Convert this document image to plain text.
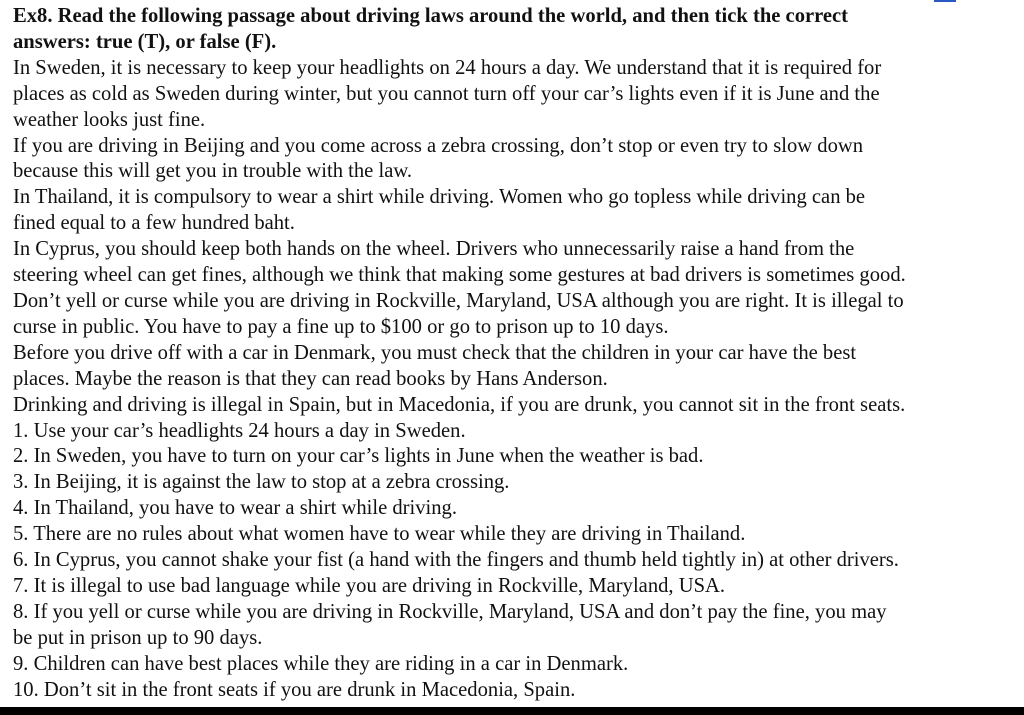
Ex8. Read the following passage about driving laws around the world, and then tick the correct

answers: true (T), or false (F).

In Sweden, it is necessary to keep your headlights on 24 hours a day. We understand that it is required for

places as cold as Sweden during winter, but you cannot turn off your car’s lights even if it is June and the

weather looks just fine.

If you are driving in Beijing and you come across a zebra crossing, don’t stop or even try to slow down

because this will get you in trouble with the law.

In Thailand, it is compulsory to wear a shirt while driving. Women who go topless while driving can be

fined equal to a few hundred baht.

In Cyprus, you should keep both hands on the wheel. Drivers who unnecessarily raise a hand from the

steering wheel can get fines, although we think that making some gestures at bad drivers is sometimes good.

Don’t yell or curse while you are driving in Rockville, Maryland, USA although you are right. It is illegal to

curse in public. You have to pay a fine up to $100 or go to prison up to 10 days.

Before you drive off with a car in Denmark, you must check that the children in your car have the best

places. Maybe the reason is that they can read books by Hans Anderson.

Drinking and driving is illegal in Spain, but in Macedonia, if you are drunk, you cannot sit in the front seats.

1. Use your car’s headlights 24 hours a day in Sweden.

2. In Sweden, you have to turn on your car’s lights in June when the weather is bad.

3. In Beijing, it is against the law to stop at a zebra crossing.

4. In Thailand, you have to wear a shirt while driving.

5. There are no rules about what women have to wear while they are driving in Thailand.

6. In Cyprus, you cannot shake your fist (a hand with the fingers and thumb held tightly in) at other drivers.

7. It is illegal to use bad language while you are driving in Rockville, Maryland, USA.

8. If you yell or curse while you are driving in Rockville, Maryland, USA and don’t pay the fine, you may

be put in prison up to 90 days.

9. Children can have best places while they are riding in a car in Denmark.

10. Don’t sit in the front seats if you are drunk in Macedonia, Spain.
